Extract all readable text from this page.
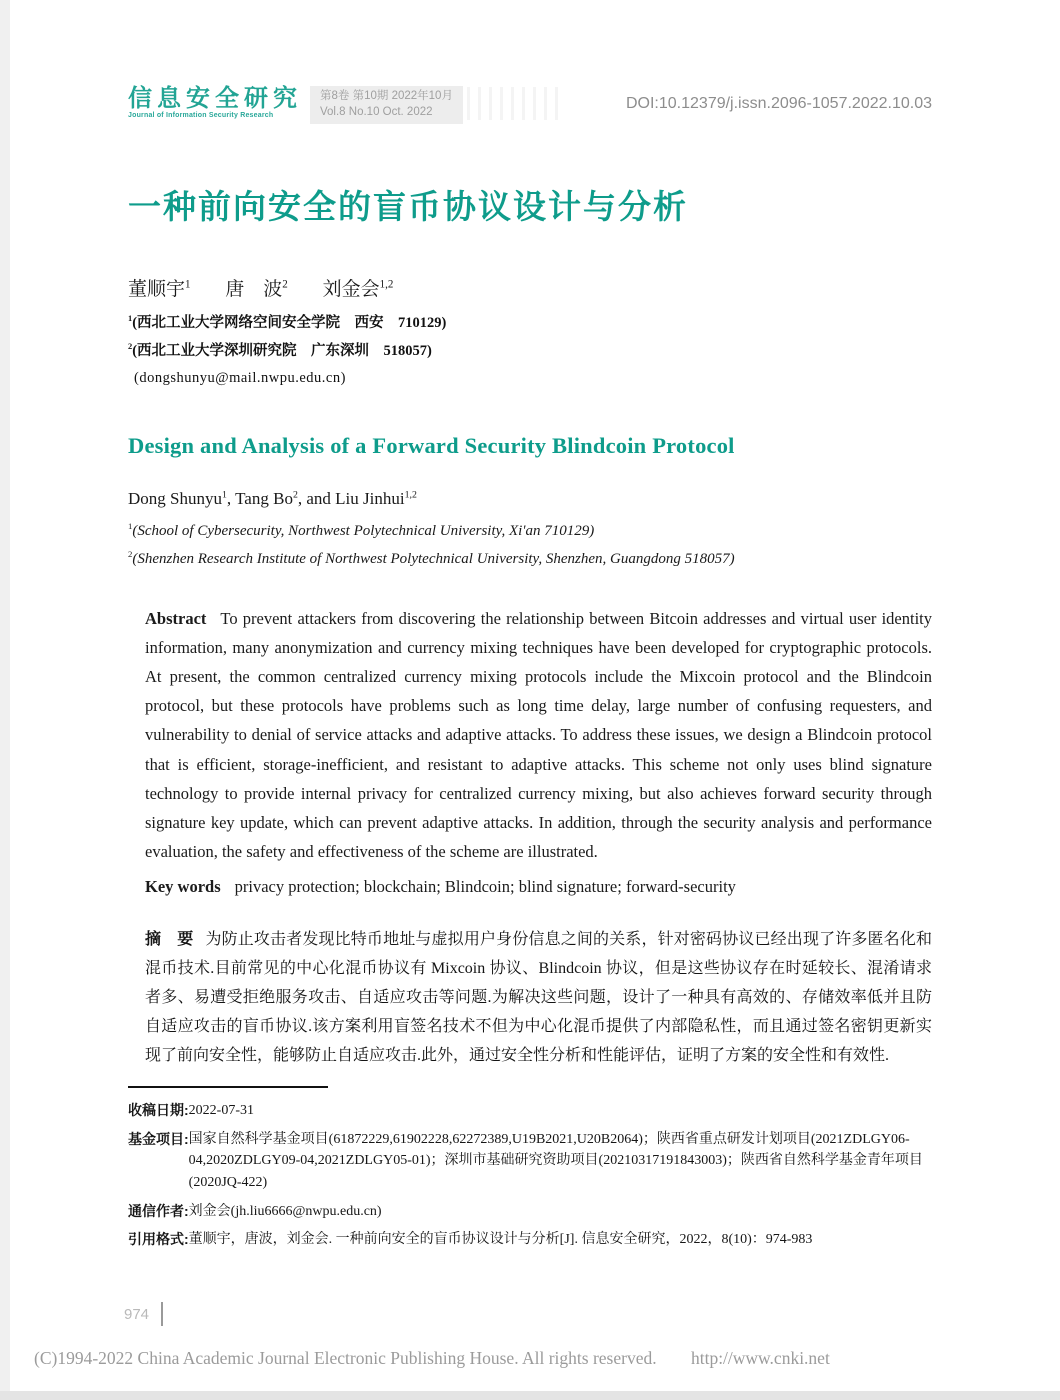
信息安全研究
Journal of Information Security Research
第8卷 第10期 2022年10月
Vol.8 No.10 Oct. 2022	DOI:10.12379/j.issn.2096-1057.2022.10.03
一种前向安全的盲币协议设计与分析
董顺宇$^1$ 唐　波$^2$ 刘金会$^{1,2}$
$^1$(西北工业大学网络空间安全学院　西安　710129)
$^2$(西北工业大学深圳研究院　广东深圳　518057)
(dongshunyu@mail.nwpu.edu.cn)
Design and Analysis of a Forward Security Blindcoin Protocol
Dong Shunyu$^1$, Tang Bo$^2$, and Liu Jinhui$^{1,2}$
$^1$(School of Cybersecurity, Northwest Polytechnical University, Xi'an 710129)
$^2$(Shenzhen Research Institute of Northwest Polytechnical University, Shenzhen, Guangdong 518057)

Abstract To prevent attackers from discovering the relationship between Bitcoin addresses and virtual user identity information, many anonymization and currency mixing techniques have been developed for cryptographic protocols. At present, the common centralized currency mixing protocols include the Mixcoin protocol and the Blindcoin protocol, but these protocols have problems such as long time delay, large number of confusing requesters, and vulnerability to denial of service attacks and adaptive attacks. To address these issues, we design a Blindcoin protocol that is efficient, storage-inefficient, and resistant to adaptive attacks. This scheme not only uses blind signature technology to provide internal privacy for centralized currency mixing, but also achieves forward security through signature key update, which can prevent adaptive attacks. In addition, through the security analysis and performance evaluation, the safety and effectiveness of the scheme are illustrated.

Key words privacy protection; blockchain; Blindcoin; blind signature; forward-security

摘　要 为防止攻击者发现比特币地址与虚拟用户身份信息之间的关系，针对密码协议已经出现了许多匿名化和混币技术.目前常见的中心化混币协议有 Mixcoin 协议、Blindcoin 协议，但是这些协议存在时延较长、混淆请求者多、易遭受拒绝服务攻击、自适应攻击等问题.为解决这些问题，设计了一种具有高效的、存储效率低并且防自适应攻击的盲币协议.该方案利用盲签名技术不但为中心化混币提供了内部隐私性，而且通过签名密钥更新实现了前向安全性，能够防止自适应攻击.此外，通过安全性分析和性能评估，证明了方案的安全性和有效性.

收稿日期: 2022-07-31
基金项目: 国家自然科学基金项目(61872229,61902228,62272389,U19B2021,U20B2064)；陕西省重点研发计划项目(2021ZDLGY06-04,2020ZDLGY09-04,2021ZDLGY05-01)；深圳市基础研究资助项目(20210317191843003)；陕西省自然科学基金青年项目(2020JQ-422)
通信作者: 刘金会(jh.liu6666@nwpu.edu.cn)
引用格式: 董顺宇，唐波，刘金会. 一种前向安全的盲币协议设计与分析[J]. 信息安全研究，2022，8(10)：974-983
974
(C)1994-2022 China Academic Journal Electronic Publishing House. All rights reserved. http://www.cnki.net
